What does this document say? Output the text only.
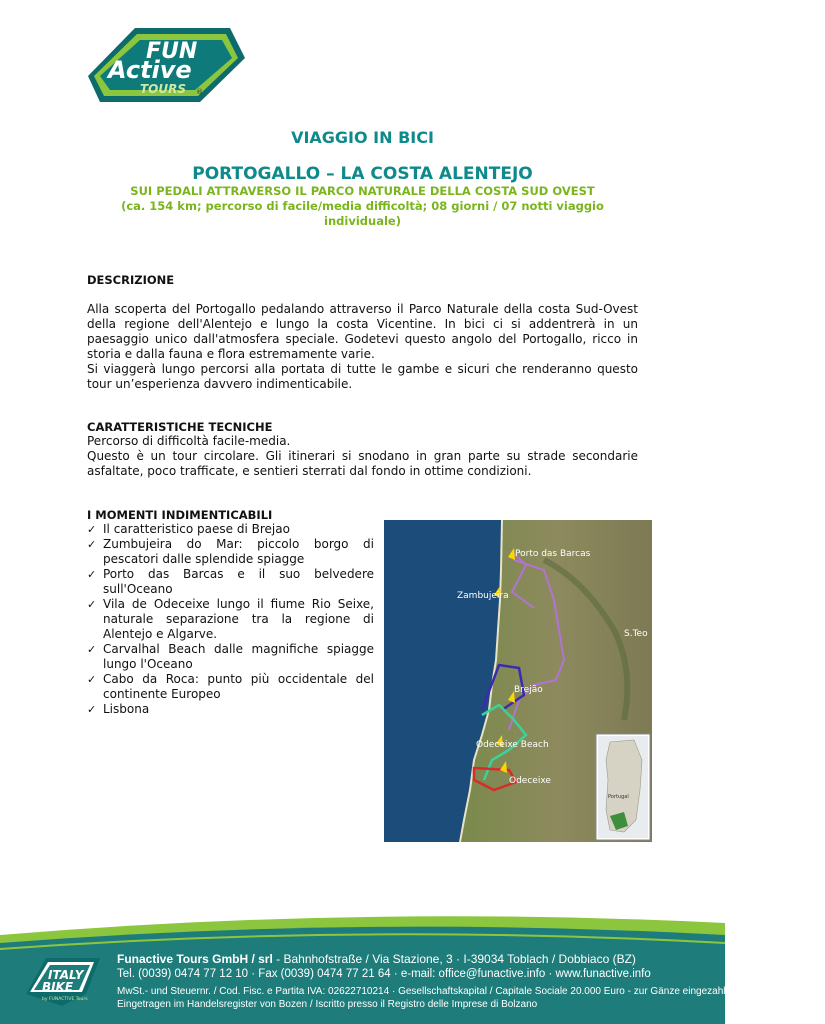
FUN
Active
TOURS ®
VIAGGIO IN BICI
PORTOGALLO – LA COSTA ALENTEJO
SUI PEDALI ATTRAVERSO IL PARCO NATURALE DELLA COSTA SUD OVEST
(ca. 154 km; percorso di facile/media difficoltà; 08 giorni / 07 notti viaggio individuale)
DESCRIZIONE

Alla scoperta del Portogallo pedalando attraverso il Parco Naturale della costa Sud-Ovest della regione dell'Alentejo e lungo la costa Vicentine. In bici ci si addentrerà in un paesaggio unico dall'atmosfera speciale. Godetevi questo angolo del Portogallo, ricco in storia e dalla fauna e flora estremamente varie.

Si viaggerà lungo percorsi alla portata di tutte le gambe e sicuri che renderanno questo tour un’esperienza davvero indimenticabile.

CARATTERISTICHE TECNICHE

Percorso di difficoltà facile-media.

Questo è un tour circolare. Gli itinerari si snodano in gran parte su strade secondarie asfaltate, poco trafficate, e sentieri sterrati dal fondo in ottime condizioni.

I MOMENTI INDIMENTICABILI
✓ Il caratteristico paese di Brejao
✓ Zumbujeira do Mar: piccolo borgo di pescatori dalle splendide spiagge
✓ Porto das Barcas e il suo belvedere sull'Oceano
✓ Vila de Odeceixe lungo il fiume Rio Seixe, naturale separazione tra la regione di Alentejo e Algarve.
✓ Carvalhal Beach dalle magnifiche spiagge lungo l'Oceano
✓ Cabo da Roca: punto più occidentale del continente Europeo
✓ Lisbona
Porto das Barcas
Zambujeira
S.Teo
Brejão
Odeceixe Beach
Odeceixe
Portugal
ITALY
BIKE
by FUNACTIVE Tours
Funactive Tours GmbH / srl - Bahnhofstraße / Via Stazione, 3 · I-39034 Toblach / Dobbiaco (BZ)
Tel. (0039) 0474 77 12 10 · Fax (0039) 0474 77 21 64 · e-mail: office@funactive.info · www.funactive.info
MwSt.- und Steuernr. / Cod. Fisc. e Partita IVA: 02622710214 · Gesellschaftskapital / Capitale Sociale 20.000 Euro - zur Gänze eingezahlt / interamente versato
Eingetragen im Handelsregister von Bozen / Iscritto presso il Registro delle Imprese di Bolzano
